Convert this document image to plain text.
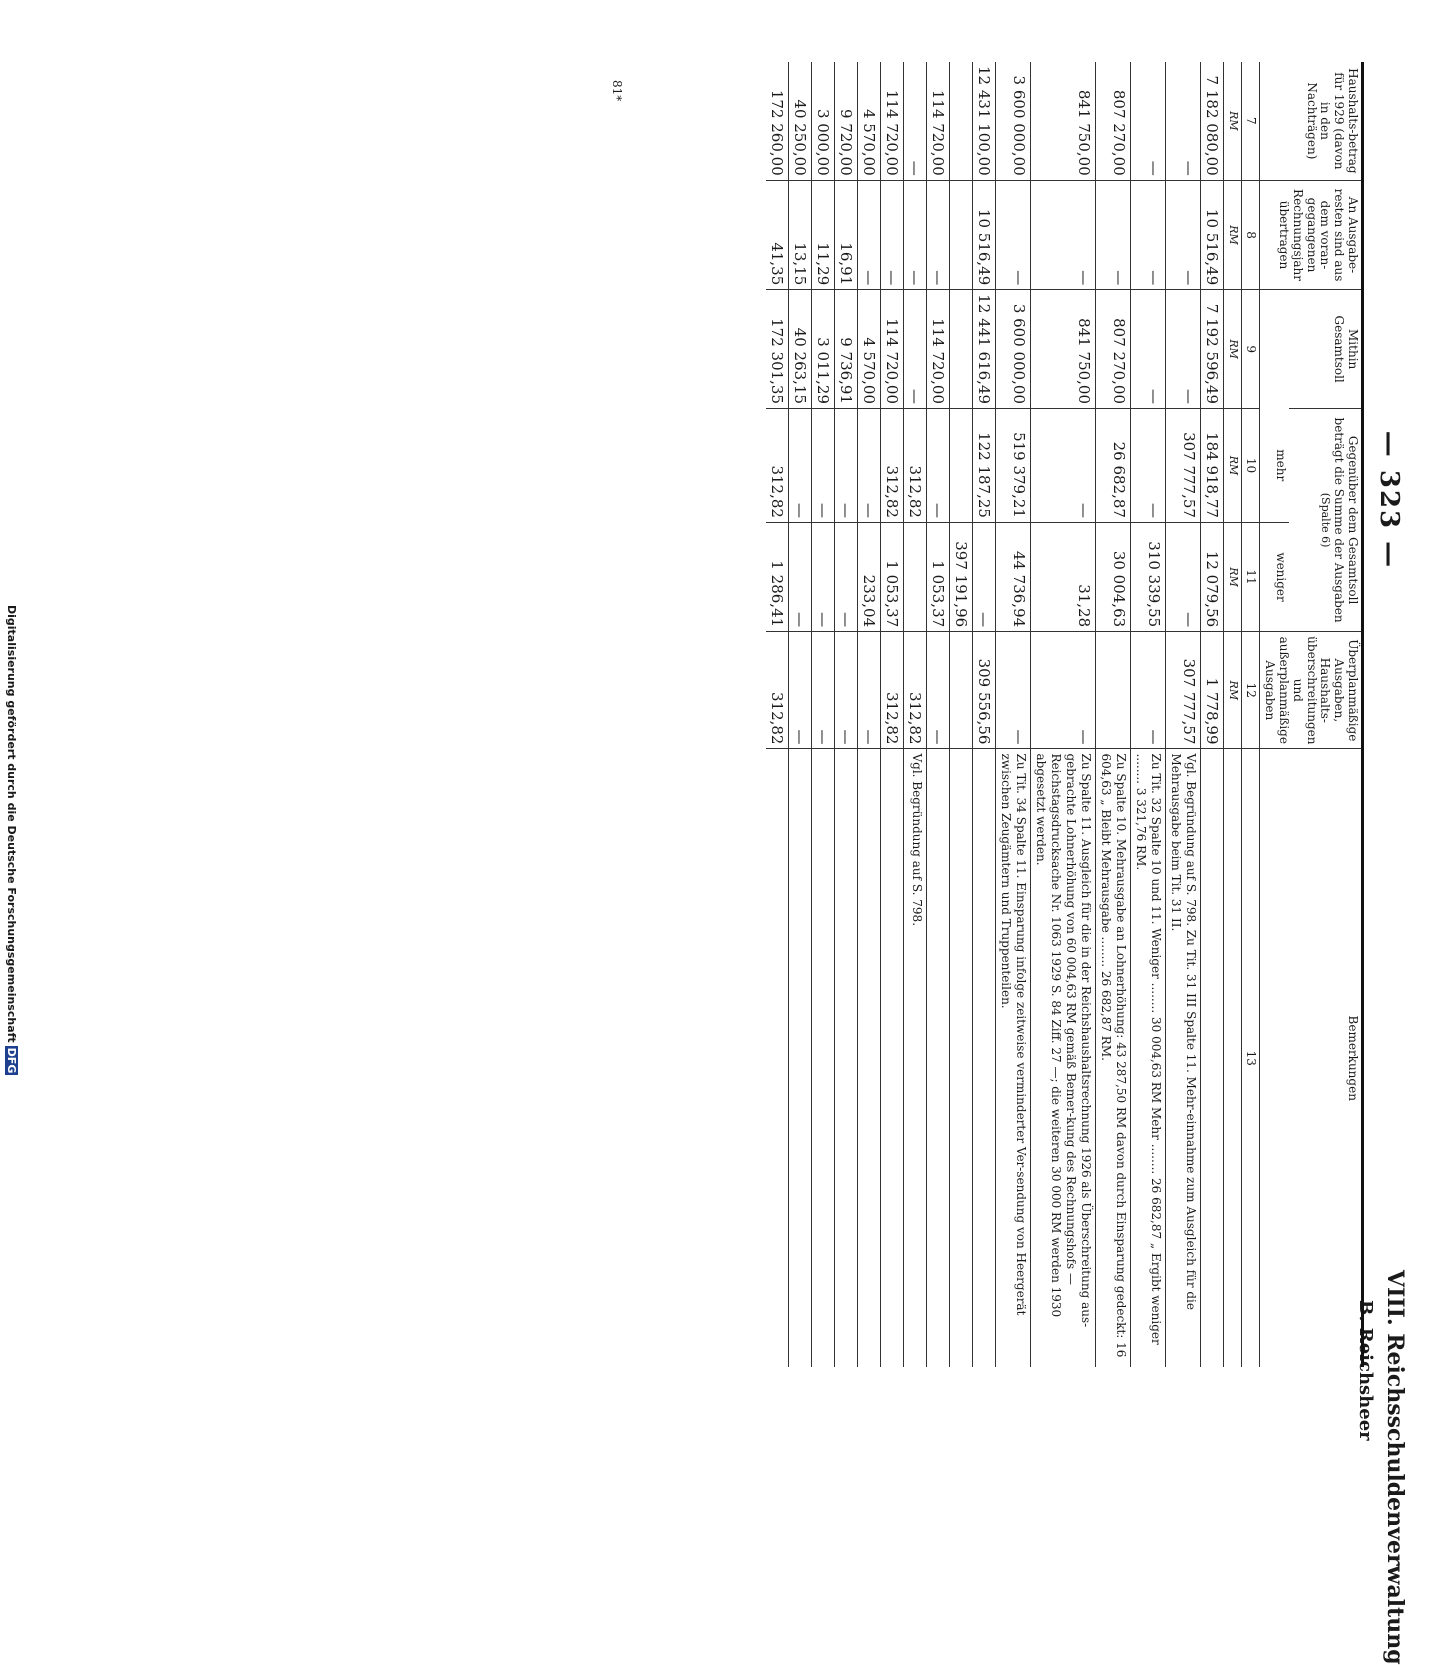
— 323 —
VIII. Reichsschuldenverwaltung
B. Reichsheer
Haushalts-betrag für 1929 (davon in den Nachträgen)	An Ausgabe-resten sind aus dem voran-gegangenen Rechnungsjahr übertragen	Mithin Gesamtsoll	Gegenüber dem Gesamtsoll beträgt die Summe der Ausgaben
(Spalte 6)		Überplanmäßige Ausgaben, Haushalts-überschreitungen und außerplanmäßige Ausgaben	Bemerkungen
			mehr	weniger		
7	8	9	10	11	12	13
RM	RM	RM	RM	RM	RM	
7 182 080,00	10 516,49	7 192 596,49	184 918,77	12 079,56	1 778,99	
—	—	—	307 777,57	—	307 777,57	Vgl. Begründung auf S. 798. Zu Tit. 31 III Spalte 11. Mehr-einnahme zum Ausgleich für die Mehrausgabe beim Tit. 31 II.
—	—	—	—	310 339,55	—	Zu Tit. 32 Spalte 10 und 11. Weniger ........ 30 004,63 RM Mehr ........ 26 682,87 „ Ergibt weniger ........ 3 321,76 RM.
807 270,00	—	807 270,00	26 682,87	30 004,63		Zu Spalte 10. Mehrausgabe an Lohnerhöhung: 43 287,50 RM davon durch Einsparung gedeckt: 16 604,63 „ Bleibt Mehrausgabe ........ 26 682,87 RM.
841 750,00	—	841 750,00	—	31,28	—	Zu Spalte 11. Ausgleich für die in der Reichshaushaltsrechnung 1926 als Überschreitung aus-gebrachte Lohnerhöhung von 60 004,63 RM gemäß Bemer-kung des Rechnungshofs — Reichstagsdrucksache Nr. 1063 1929 S. 84 Ziff. 27 —; die weiteren 30 000 RM werden 1930 abgesetzt werden.
3 600 000,00	—	3 600 000,00	519 379,21	44 736,94	—	Zu Tit. 34 Spalte 11. Einsparung infolge zeitweise verminderter Ver-sendung von Heergerät zwischen Zeugämtern und Truppenteilen.
12 431 100,00	10 516,49	12 441 616,49	122 187,25	—	309 556,56	
				397 191,96		
114 720,00	—	114 720,00	—	1 053,37	—	
—	—	—	312,82		312,82	Vgl. Begründung auf S. 798.
114 720,00	—	114 720,00	312,82	1 053,37	312,82	
4 570,00	—	4 570,00	—	233,04	—	
9 720,00	16,91	9 736,91	—	—	—	
3 000,00	11,29	3 011,29	—	—	—	
40 250,00	13,15	40 263,15	—	—	—	
172 260,00	41,35	172 301,35	312,82	1 286,41	312,82	
81*
Digitalisierung gefördert durch die Deutsche ForschungsgemeinschaftDFG
